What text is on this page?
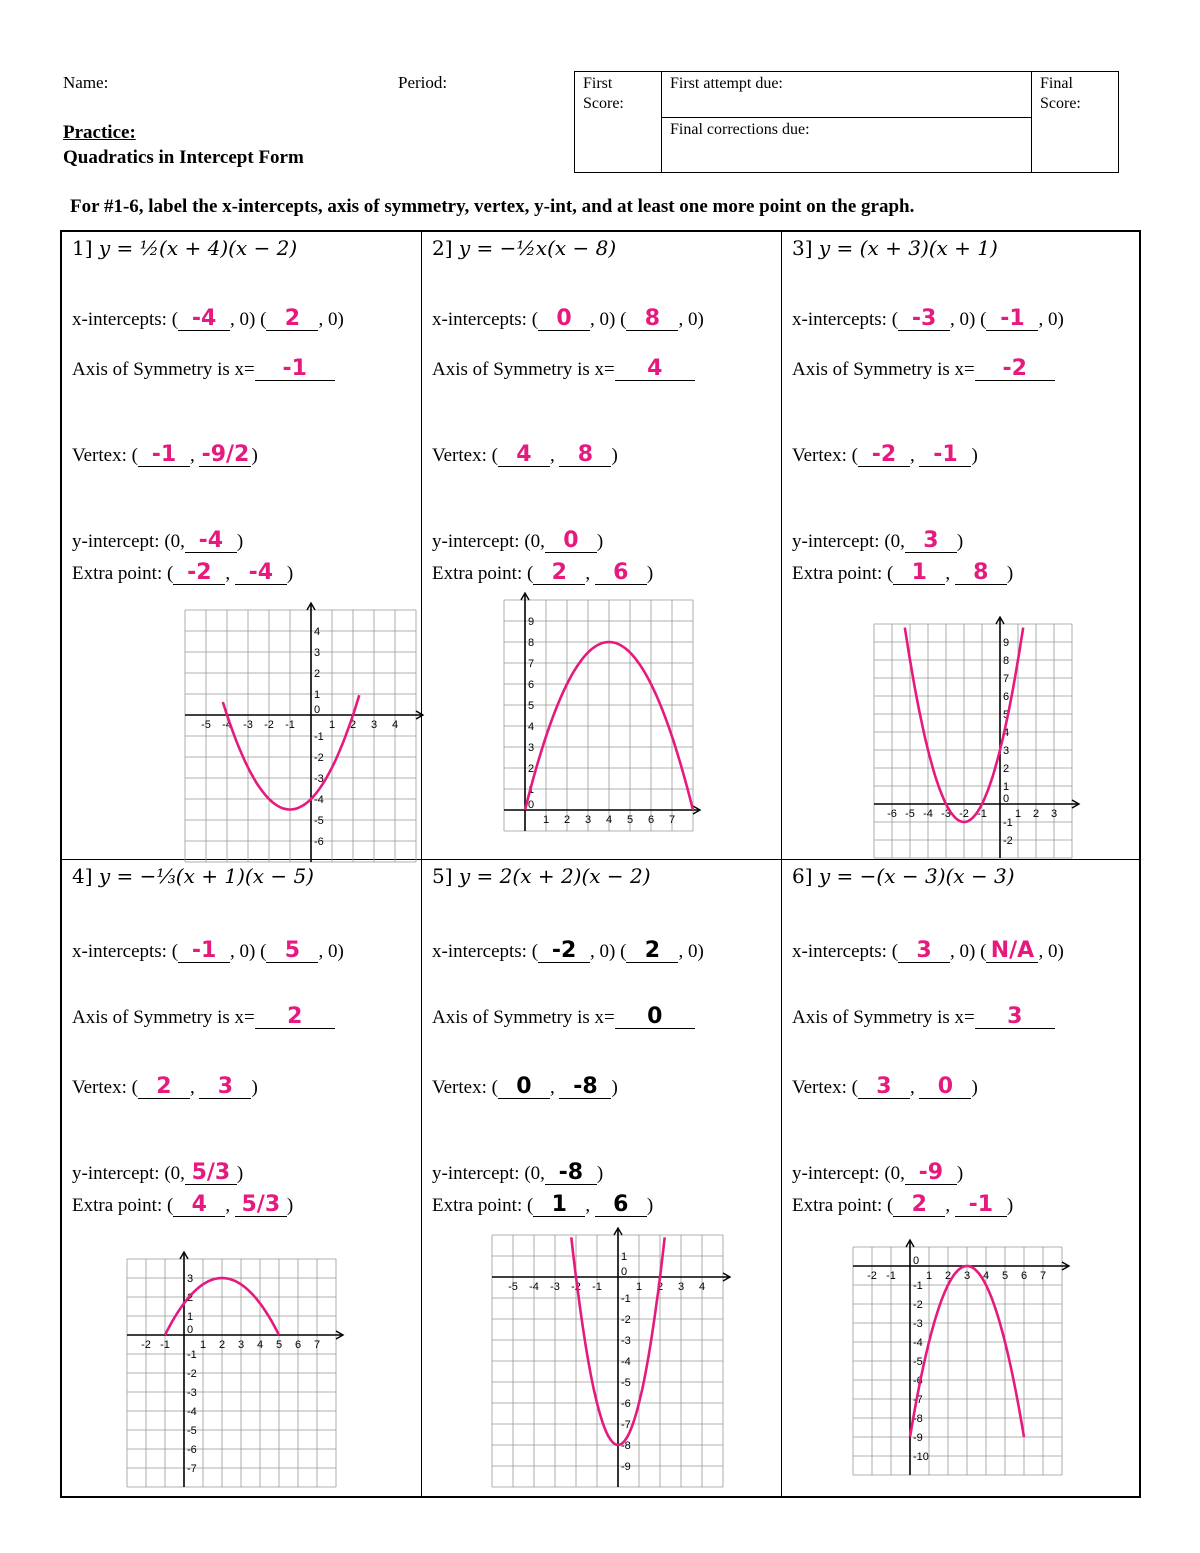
Name:	Period:	First Score:
First attempt due:
Final corrections due:
Final Score:
Practice:
Quadratics in Intercept Form
For #1-6, label the x-intercepts, axis of symmetry, vertex, y-int, and at least one more point on the graph.
1] y = ½(x + 4)(x − 2)
x-intercepts: ( -4 , 0) ( 2 , 0)
Axis of Symmetry is x= -1
Vertex: ( -1 , -9/2 )
y-intercept: (0, -4 )
Extra point: ( -2 , -4 )
-5 -4 -3 -2 -1	1 2 3 4
-6
-5
-4
-3
-2
-1
1
2
3
4
0
2] y = −½x(x − 8)
x-intercepts: ( 0 , 0) ( 8 , 0)
Axis of Symmetry is x= 4
Vertex: ( 4 , 8 )
y-intercept: (0, 0 )
Extra point: ( 2 , 6 )
1 2 3 4 5 6 7
1
2
3
4
5
6
7
8
9
0
3] y = (x + 3)(x + 1)
x-intercepts: ( -3 , 0) ( -1 , 0)
Axis of Symmetry is x= -2
Vertex: ( -2 , -1 )
y-intercept: (0, 3 )
Extra point: ( 1 , 8 )
-6 -5 -4 -3 -2 -1	1 2 3
-2
-1
1
2
3
4
5
6
7
8
9
0
4] y = −⅓(x + 1)(x − 5)
x-intercepts: ( -1 , 0) ( 5 , 0)
Axis of Symmetry is x= 2
Vertex: ( 2 , 3 )
y-intercept: (0, 5/3 )
Extra point: ( 4 , 5/3 )
-2 -1	1 2 3 4 5 6 7
-7
-6
-5
-4
-3
-2
-1
1
2
3
0
5] y = 2(x + 2)(x − 2)
x-intercepts: ( -2 , 0) ( 2 , 0)
Axis of Symmetry is x= 0
Vertex: ( 0 , -8 )
y-intercept: (0, -8 )
Extra point: ( 1 , 6 )
-5 -4 -3 -2 -1	1 2 3 4
-9
-8
-7
-6
-5
-4
-3
-2
-1
1
0
6] y = −(x − 3)(x − 3)
x-intercepts: ( 3 , 0) ( N/A , 0)
Axis of Symmetry is x= 3
Vertex: ( 3 , 0 )
y-intercept: (0, -9 )
Extra point: ( 2 , -1 )
-2 -1	1 2 3 4 5 6 7
-10
-9
-8
-7
-6
-5
-4
-3
-2
-1
0
